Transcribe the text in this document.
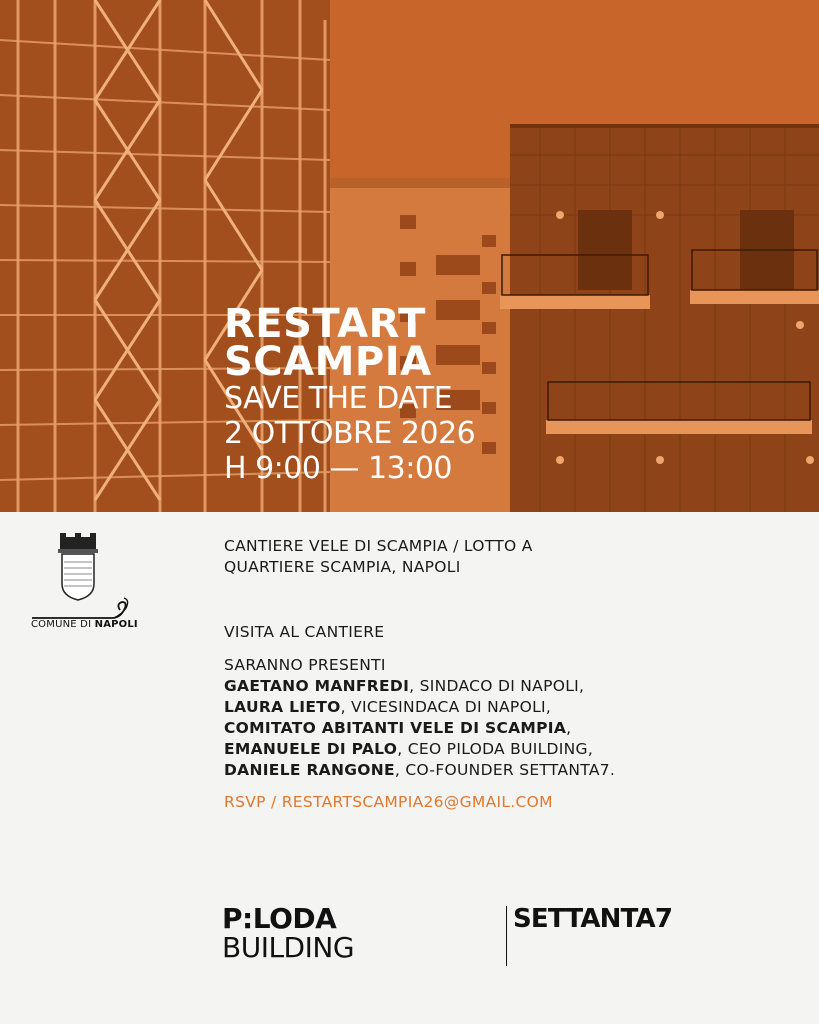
RESTART

SCAMPIA

SAVE THE DATE

2 OTTOBRE 2026

H 9:00 — 13:00

COMUNE DI NAPOLI

CANTIERE VELE DI SCAMPIA / LOTTO A

QUARTIERE SCAMPIA, NAPOLI

VISITA AL CANTIERE

SARANNO PRESENTI

GAETANO MANFREDI, SINDACO DI NAPOLI,

LAURA LIETO, VICESINDACA DI NAPOLI,

COMITATO ABITANTI VELE DI SCAMPIA,

EMANUELE DI PALO, CEO PILODA BUILDING,

DANIELE RANGONE, CO-FOUNDER SETTANTA7.

RSVP / RESTARTSCAMPIA26@GMAIL.COM
P:LODA
BUILDING
SETTANTA7
